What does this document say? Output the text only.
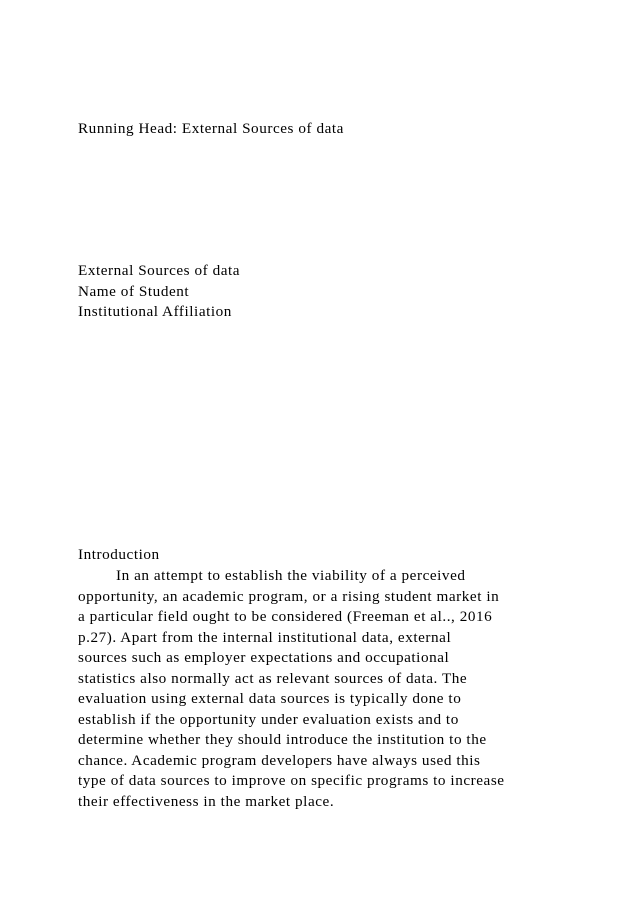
Running Head: External Sources of data
External Sources of data
Name of Student
Institutional Affiliation
Introduction
In an attempt to establish the viability of a perceived
opportunity, an academic program, or a rising student market in
a particular field ought to be considered (Freeman et al.., 2016
p.27). Apart from the internal institutional data, external
sources such as employer expectations and occupational
statistics also normally act as relevant sources of data. The
evaluation using external data sources is typically done to
establish if the opportunity under evaluation exists and to
determine whether they should introduce the institution to the
chance. Academic program developers have always used this
type of data sources to improve on specific programs to increase
their effectiveness in the market place.
